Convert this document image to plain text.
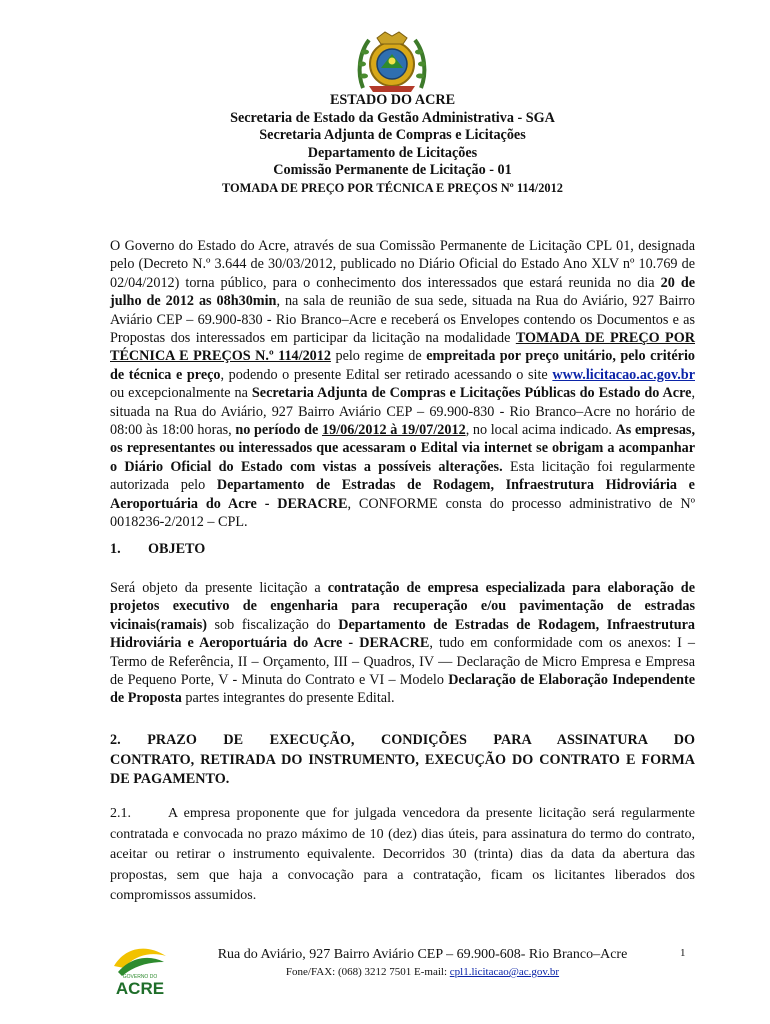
ESTADO DO ACRE
Secretaria de Estado da Gestão Administrativa - SGA
Secretaria Adjunta de Compras e Licitações
Departamento de Licitações
Comissão Permanente de Licitação - 01
TOMADA DE PREÇO POR TÉCNICA E PREÇOS Nº 114/2012
O Governo do Estado do Acre, através de sua Comissão Permanente de Licitação CPL 01, designada pelo (Decreto N.º 3.644 de 30/03/2012, publicado no Diário Oficial do Estado Ano XLV nº 10.769 de 02/04/2012) torna público, para o conhecimento dos interessados que estará reunida no dia 20 de julho de 2012 as 08h30min, na sala de reunião de sua sede, situada na Rua do Aviário, 927 Bairro Aviário CEP – 69.900-830 - Rio Branco–Acre e receberá os Envelopes contendo os Documentos e as Propostas dos interessados em participar da licitação na modalidade TOMADA DE PREÇO POR TÉCNICA E PREÇOS N.º 114/2012 pelo regime de empreitada por preço unitário, pelo critério de técnica e preço, podendo o presente Edital ser retirado acessando o site www.licitacao.ac.gov.br ou excepcionalmente na Secretaria Adjunta de Compras e Licitações Públicas do Estado do Acre, situada na Rua do Aviário, 927 Bairro Aviário CEP – 69.900-830 - Rio Branco–Acre no horário de 08:00 às 18:00 horas, no período de 19/06/2012 à 19/07/2012, no local acima indicado. As empresas, os representantes ou interessados que acessaram o Edital via internet se obrigam a acompanhar o Diário Oficial do Estado com vistas a possíveis alterações. Esta licitação foi regularmente autorizada pelo Departamento de Estradas de Rodagem, Infraestrutura Hidroviária e Aeroportuária do Acre - DERACRE, CONFORME consta do processo administrativo de Nº 0018236-2/2012 – CPL.
1. OBJETO
Será objeto da presente licitação a contratação de empresa especializada para elaboração de projetos executivo de engenharia para recuperação e/ou pavimentação de estradas vicinais(ramais) sob fiscalização do Departamento de Estradas de Rodagem, Infraestrutura Hidroviária e Aeroportuária do Acre - DERACRE, tudo em conformidade com os anexos: I – Termo de Referência, II – Orçamento, III – Quadros, IV — Declaração de Micro Empresa e Empresa de Pequeno Porte, V - Minuta do Contrato e VI – Modelo Declaração de Elaboração Independente de Proposta partes integrantes do presente Edital.
2. PRAZO DE EXECUÇÃO, CONDIÇÕES PARA ASSINATURA DO
CONTRATO, RETIRADA DO INSTRUMENTO, EXECUÇÃO DO CONTRATO E FORMA DE PAGAMENTO.
2.1.	A empresa proponente que for julgada vencedora da presente licitação será regularmente contratada e convocada no prazo máximo de 10 (dez) dias úteis, para assinatura do termo do contrato, aceitar ou retirar o instrumento equivalente. Decorridos 30 (trinta) dias da data da abertura das propostas, sem que haja a convocação para a contratação, ficam os licitantes liberados dos compromissos assumidos.
GOVERNO DO
ACRE
Rua do Aviário, 927 Bairro Aviário CEP – 69.900-608- Rio Branco–Acre
Fone/FAX: (068) 3212 7501 E-mail: cpl1.licitacao@ac.gov.br
1
